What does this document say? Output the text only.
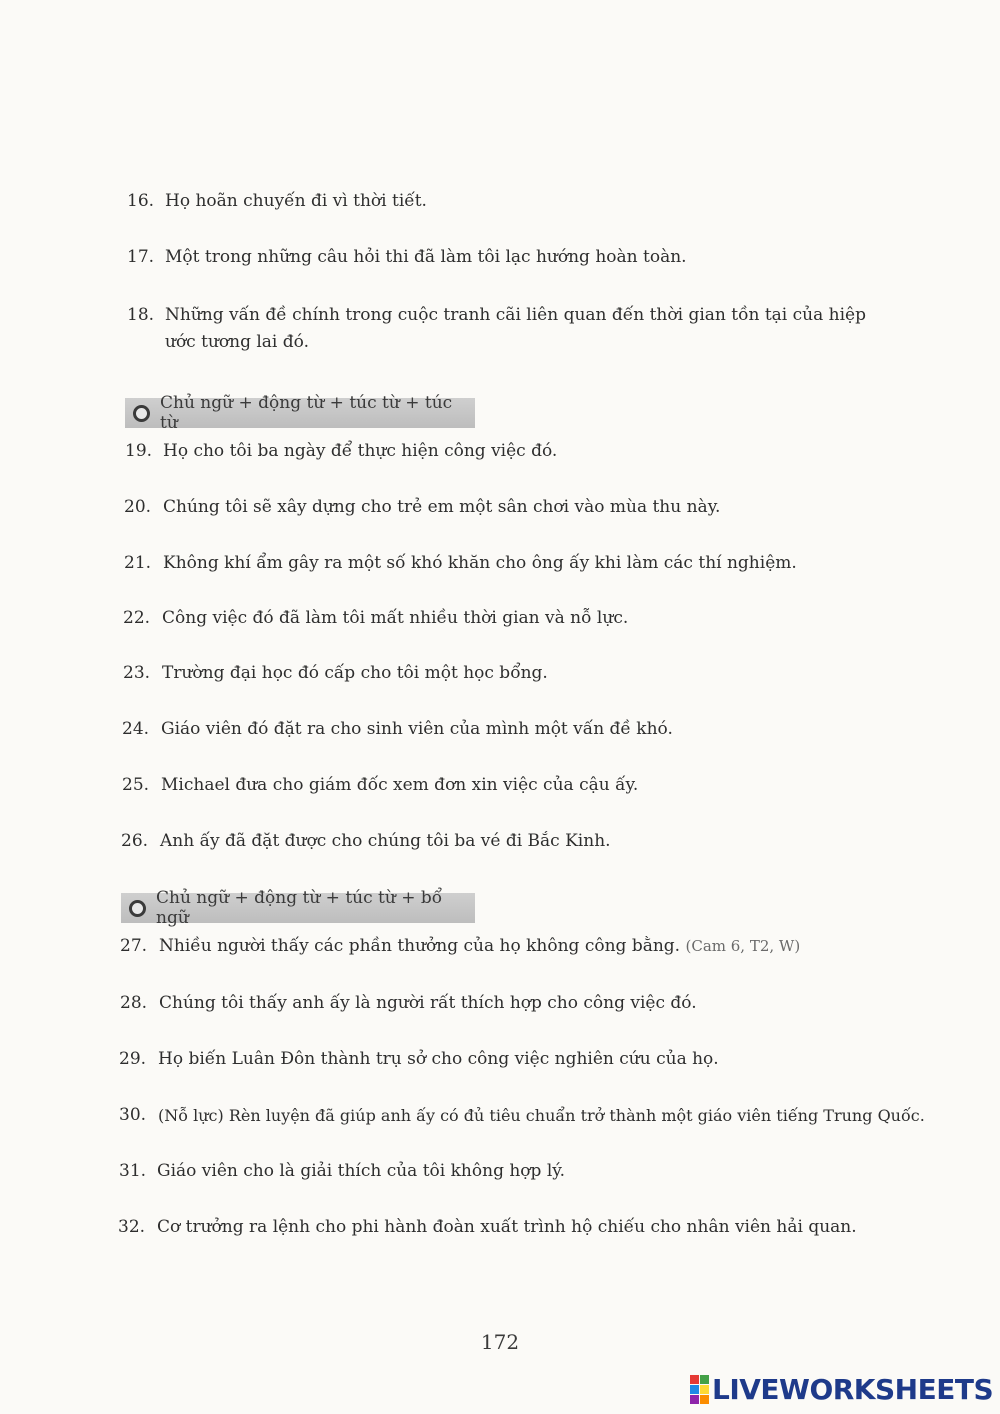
16. Họ hoãn chuyến đi vì thời tiết.
17. Một trong những câu hỏi thi đã làm tôi lạc hướng hoàn toàn.
18. Những vấn đề chính trong cuộc tranh cãi liên quan đến thời gian tồn tại của hiệp ước tương lai đó.
Chủ ngữ + động từ + túc từ + túc từ
19. Họ cho tôi ba ngày để thực hiện công việc đó.
20. Chúng tôi sẽ xây dựng cho trẻ em một sân chơi vào mùa thu này.
21. Không khí ẩm gây ra một số khó khăn cho ông ấy khi làm các thí nghiệm.
22. Công việc đó đã làm tôi mất nhiều thời gian và nỗ lực.
23. Trường đại học đó cấp cho tôi một học bổng.
24. Giáo viên đó đặt ra cho sinh viên của mình một vấn đề khó.
25. Michael đưa cho giám đốc xem đơn xin việc của cậu ấy.
26. Anh ấy đã đặt được cho chúng tôi ba vé đi Bắc Kinh.
Chủ ngữ + động từ + túc từ + bổ ngữ
27. Nhiều người thấy các phần thưởng của họ không công bằng. (Cam 6, T2, W)
28. Chúng tôi thấy anh ấy là người rất thích hợp cho công việc đó.
29. Họ biến Luân Đôn thành trụ sở cho công việc nghiên cứu của họ.
30. (Nỗ lực) Rèn luyện đã giúp anh ấy có đủ tiêu chuẩn trở thành một giáo viên tiếng Trung Quốc.
31. Giáo viên cho là giải thích của tôi không hợp lý.
32. Cơ trưởng ra lệnh cho phi hành đoàn xuất trình hộ chiếu cho nhân viên hải quan.
172
LIVEWORKSHEETS
